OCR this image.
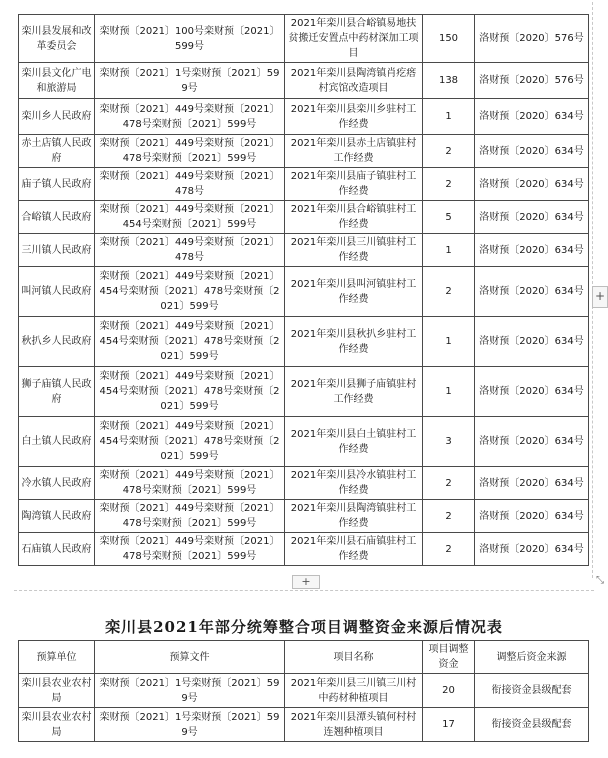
栾川县发展和改革委员会	栾财预〔2021〕100号栾财预〔2021〕599号	2021年栾川县合峪镇易地扶贫搬迁安置点中药材深加工项目	150	洛财预〔2020〕576号
栾川县文化广电和旅游局	栾财预〔2021〕1号栾财预〔2021〕599号	2021年栾川县陶湾镇肖疙瘩村宾馆改造项目	138	洛财预〔2020〕576号
栾川乡人民政府	栾财预〔2021〕449号栾财预〔2021〕478号栾财预〔2021〕599号	2021年栾川县栾川乡驻村工作经费	1	洛财预〔2020〕634号
赤土店镇人民政府	栾财预〔2021〕449号栾财预〔2021〕478号栾财预〔2021〕599号	2021年栾川县赤土店镇驻村工作经费	2	洛财预〔2020〕634号
庙子镇人民政府	栾财预〔2021〕449号栾财预〔2021〕478号	2021年栾川县庙子镇驻村工作经费	2	洛财预〔2020〕634号
合峪镇人民政府	栾财预〔2021〕449号栾财预〔2021〕454号栾财预〔2021〕599号	2021年栾川县合峪镇驻村工作经费	5	洛财预〔2020〕634号
三川镇人民政府	栾财预〔2021〕449号栾财预〔2021〕478号	2021年栾川县三川镇驻村工作经费	1	洛财预〔2020〕634号
叫河镇人民政府	栾财预〔2021〕449号栾财预〔2021〕454号栾财预〔2021〕478号栾财预〔2021〕599号	2021年栾川县叫河镇驻村工作经费	2	洛财预〔2020〕634号
秋扒乡人民政府	栾财预〔2021〕449号栾财预〔2021〕454号栾财预〔2021〕478号栾财预〔2021〕599号	2021年栾川县秋扒乡驻村工作经费	1	洛财预〔2020〕634号
狮子庙镇人民政府	栾财预〔2021〕449号栾财预〔2021〕454号栾财预〔2021〕478号栾财预〔2021〕599号	2021年栾川县狮子庙镇驻村工作经费	1	洛财预〔2020〕634号
白土镇人民政府	栾财预〔2021〕449号栾财预〔2021〕454号栾财预〔2021〕478号栾财预〔2021〕599号	2021年栾川县白土镇驻村工作经费	3	洛财预〔2020〕634号
冷水镇人民政府	栾财预〔2021〕449号栾财预〔2021〕478号栾财预〔2021〕599号	2021年栾川县冷水镇驻村工作经费	2	洛财预〔2020〕634号
陶湾镇人民政府	栾财预〔2021〕449号栾财预〔2021〕478号栾财预〔2021〕599号	2021年栾川县陶湾镇驻村工作经费	2	洛财预〔2020〕634号
石庙镇人民政府	栾财预〔2021〕449号栾财预〔2021〕478号栾财预〔2021〕599号	2021年栾川县石庙镇驻村工作经费	2	洛财预〔2020〕634号
+
+
⤡
栾川县2021年部分统筹整合项目调整资金来源后情况表
预算单位	预算文件	项目名称	项目调整资金	调整后资金来源
栾川县农业农村局	栾财预〔2021〕1号栾财预〔2021〕599号	2021年栾川县三川镇三川村中药材种植项目	20	衔接资金县级配套
栾川县农业农村局	栾财预〔2021〕1号栾财预〔2021〕599号	2021年栾川县潭头镇何村村连翘种植项目	17	衔接资金县级配套
